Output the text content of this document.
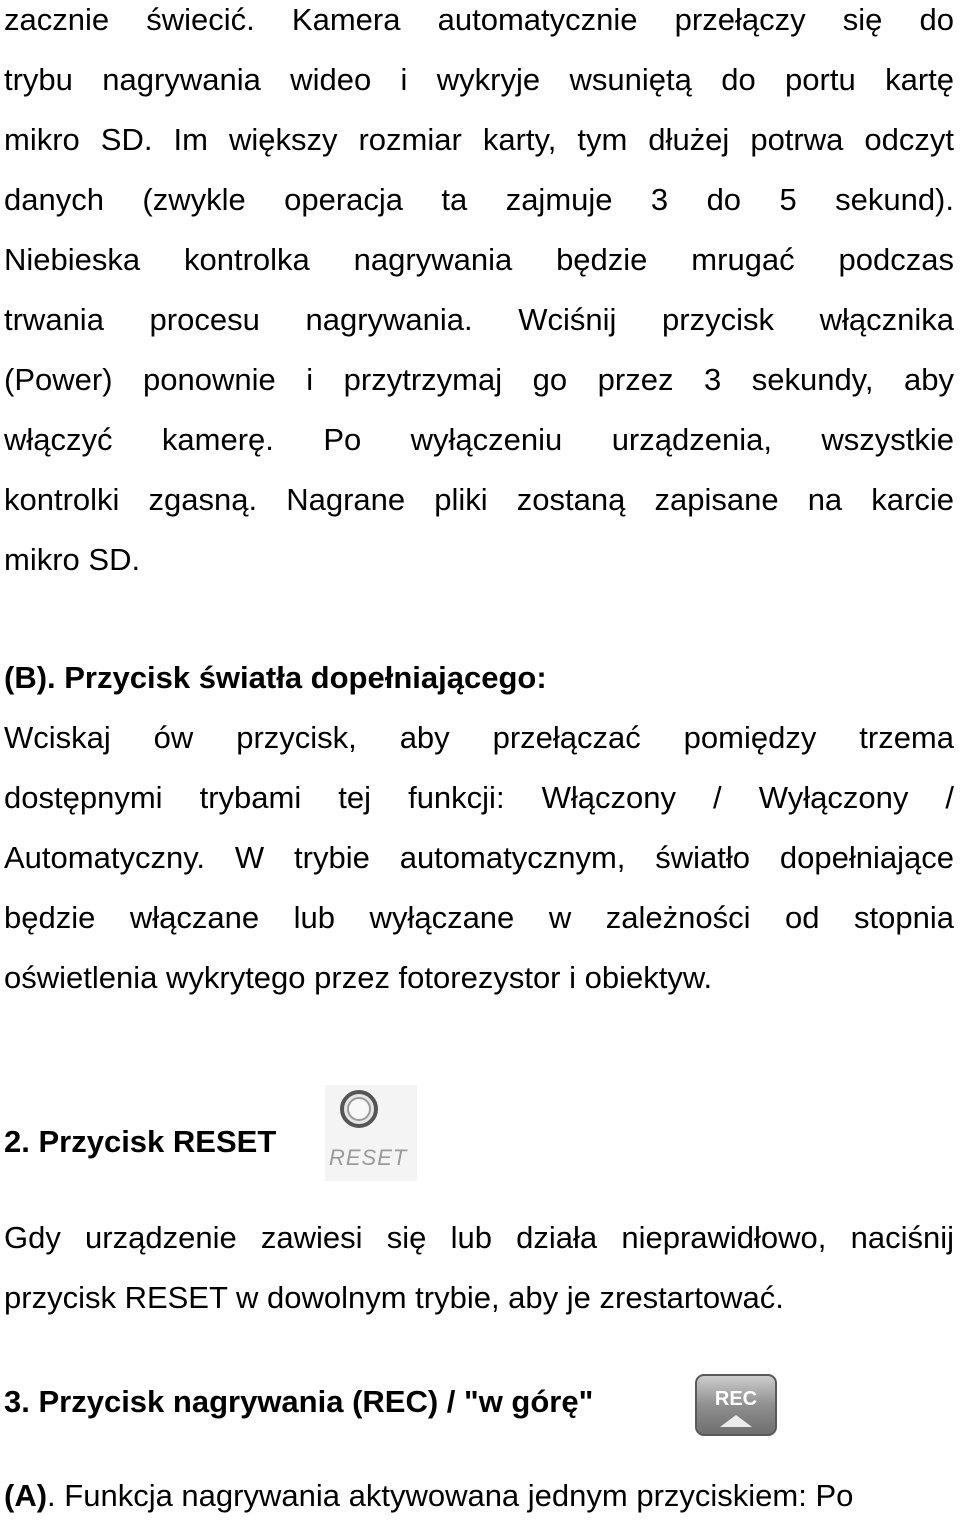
zacznie świecić. Kamera automatycznie przełączy się do
trybu nagrywania wideo i wykryje wsuniętą do portu kartę
mikro SD. Im większy rozmiar karty, tym dłużej potrwa odczyt
danych (zwykle operacja ta zajmuje 3 do 5 sekund).
Niebieska kontrolka nagrywania będzie mrugać podczas
trwania procesu nagrywania. Wciśnij przycisk włącznika
(Power) ponownie i przytrzymaj go przez 3 sekundy, aby
włączyć kamerę. Po wyłączeniu urządzenia, wszystkie
kontrolki zgasną. Nagrane pliki zostaną zapisane na karcie
mikro SD.
(B). Przycisk światła dopełniającego:
Wciskaj ów przycisk, aby przełączać pomiędzy trzema
dostępnymi trybami tej funkcji: Włączony / Wyłączony /
Automatyczny. W trybie automatycznym, światło dopełniające
będzie włączane lub wyłączane w zależności od stopnia
oświetlenia wykrytego przez fotorezystor i obiektyw.
2. Przycisk RESET	RESET
Gdy urządzenie zawiesi się lub działa nieprawidłowo, naciśnij
przycisk RESET w dowolnym trybie, aby je zrestartować.
3. Przycisk nagrywania (REC) / "w górę"	REC
(A). Funkcja nagrywania aktywowana jednym przyciskiem: Po
